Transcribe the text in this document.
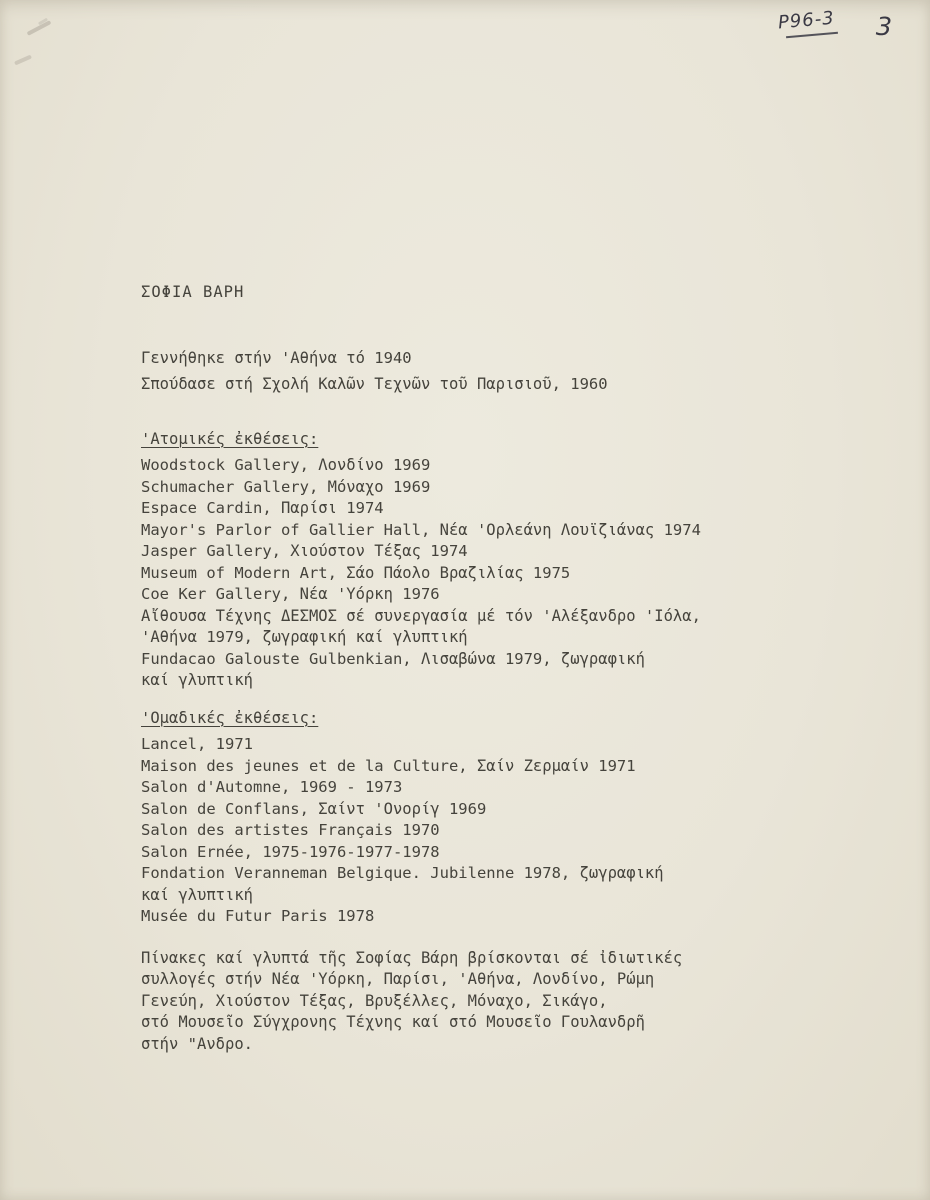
P96-3 3
ΣΟΦΙΑ ΒΑΡΗ
Γεννήθηκε στήν 'Αθήνα τό 1940
Σπούδασε στή Σχολή Καλῶν Τεχνῶν τοῦ Παρισιοῦ, 1960
'Ατομικές ἐκθέσεις:
Woodstock Gallery, Λονδίνο 1969
Schumacher Gallery, Μόναχο 1969
Espace Cardin, Παρίσι 1974
Mayor's Parlor of Gallier Hall, Νέα 'Ορλεάνη Λουϊζιάνας 1974
Jasper Gallery, Χιούστον Τέξας 1974
Museum of Modern Art, Σάο Πάολο Βραζιλίας 1975
Coe Ker Gallery, Νέα 'Υόρκη 1976
Αἴθουσα Τέχνης ΔΕΣΜΟΣ σέ συνεργασία μέ τόν 'Αλέξανδρο 'Ιόλα,
'Αθήνα 1979, ζωγραφική καί γλυπτική
Fundacao Galouste Gulbenkian, Λισαβώνα 1979, ζωγραφική
καί γλυπτική
'Ομαδικές ἐκθέσεις:
Lancel, 1971
Maison des jeunes et de la Culture, Σαίν Ζερμαίν 1971
Salon d'Automne, 1969 - 1973
Salon de Conflans, Σαίντ 'Ονορίγ 1969
Salon des artistes Français 1970
Salon Ernée, 1975-1976-1977-1978
Fondation Veranneman Belgique. Jubilenne 1978, ζωγραφική
καί γλυπτική
Musée du Futur Paris 1978
Πίνακες καί γλυπτά τῆς Σοφίας Βάρη βρίσκονται σέ ἰδιωτικές
συλλογές στήν Νέα 'Υόρκη, Παρίσι, 'Αθήνα, Λονδίνο, Ρώμη
Γενεύη, Χιούστον Τέξας, Βρυξέλλες, Μόναχο, Σικάγο,
στό Μουσεῖο Σύγχρονης Τέχνης καί στό Μουσεῖο Γουλανδρῆ
στήν "Ανδρο.
